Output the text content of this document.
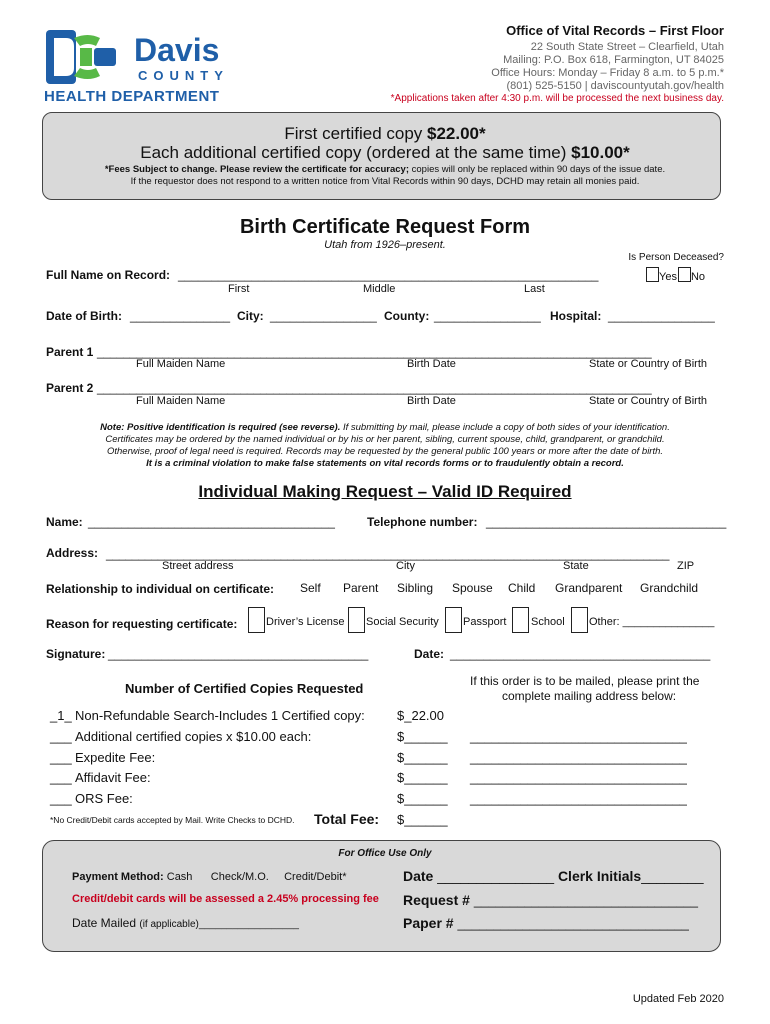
Davis
COUNTY
HEALTH DEPARTMENT
Office of Vital Records – First Floor
22 South State Street – Clearfield, Utah
Mailing: P.O. Box 618, Farmington, UT 84025
Office Hours: Monday – Friday 8 a.m. to 5 p.m.*
(801) 525-5150 | daviscountyutah.gov/health
*Applications taken after 4:30 p.m. will be processed the next business day.
First certified copy $22.00*
Each additional certified copy (ordered at the same time) $10.00*
*Fees Subject to change. Please review the certificate for accuracy; copies will only be replaced within 90 days of the issue date.
If the requestor does not respond to a written notice from Vital Records within 90 days, DCHD may retain all monies paid.
Birth Certificate Request Form
Utah from 1926–present.
Is Person Deceased?
Yes No
Full Name on Record: _______________________________________________________________
First	Middle	Last
Date of Birth: _______________ City: ________________ County: ________________ Hospital: ________________
Parent 1 _____________________________________________________________________________________
Full Maiden Name	Birth Date	State or Country of Birth
Parent 2 _____________________________________________________________________________________
Full Maiden Name	Birth Date	State or Country of Birth
Note: Positive identification is required (see reverse). If submitting by mail, please include a copy of both sides of your identification.
Certificates may be ordered by the named individual or by his or her parent, sibling, current spouse, child, grandparent, or grandchild.
Otherwise, proof of legal need is required. Records may be requested by the general public 100 years or more after the date of birth.
It is a criminal violation to make false statements on vital records forms or to fraudulently obtain a record.
Individual Making Request – Valid ID Required
Name: _____________________________________	Telephone number: ____________________________________
Address: _______________________________________________________________________________________
Street address	City	State	ZIP
Relationship to individual on certificate: Self Parent Sibling Spouse Child Grandparent Grandchild
Reason for requesting certificate:	Driver’s License Social Security Passport School Other: _______________
Signature: _______________________________________	Date: _______________________________________
Number of Certified Copies Requested	If this order is to be mailed, please print the
complete mailing address below:
_1_ Non-Refundable Search-Includes 1 Certified copy: $_22.00
___ Additional certified copies x $10.00 each:	$______
___ Expedite Fee:	$______
___ Affidavit Fee:	$______
___ ORS Fee:	$______
*No Credit/Debit cards accepted by Mail. Write Checks to DCHD. Total Fee: $______
______________________________
______________________________
______________________________
______________________________
For Office Use Only
Payment Method: Cash      Check/M.O.     Credit/Debit*
Credit/debit cards will be assessed a 2.45% processing fee
Date Mailed (if applicable)__________________
Date _______________ Clerk Initials________
Request # _______________________________
Paper # ________________________________
Updated Feb 2020
